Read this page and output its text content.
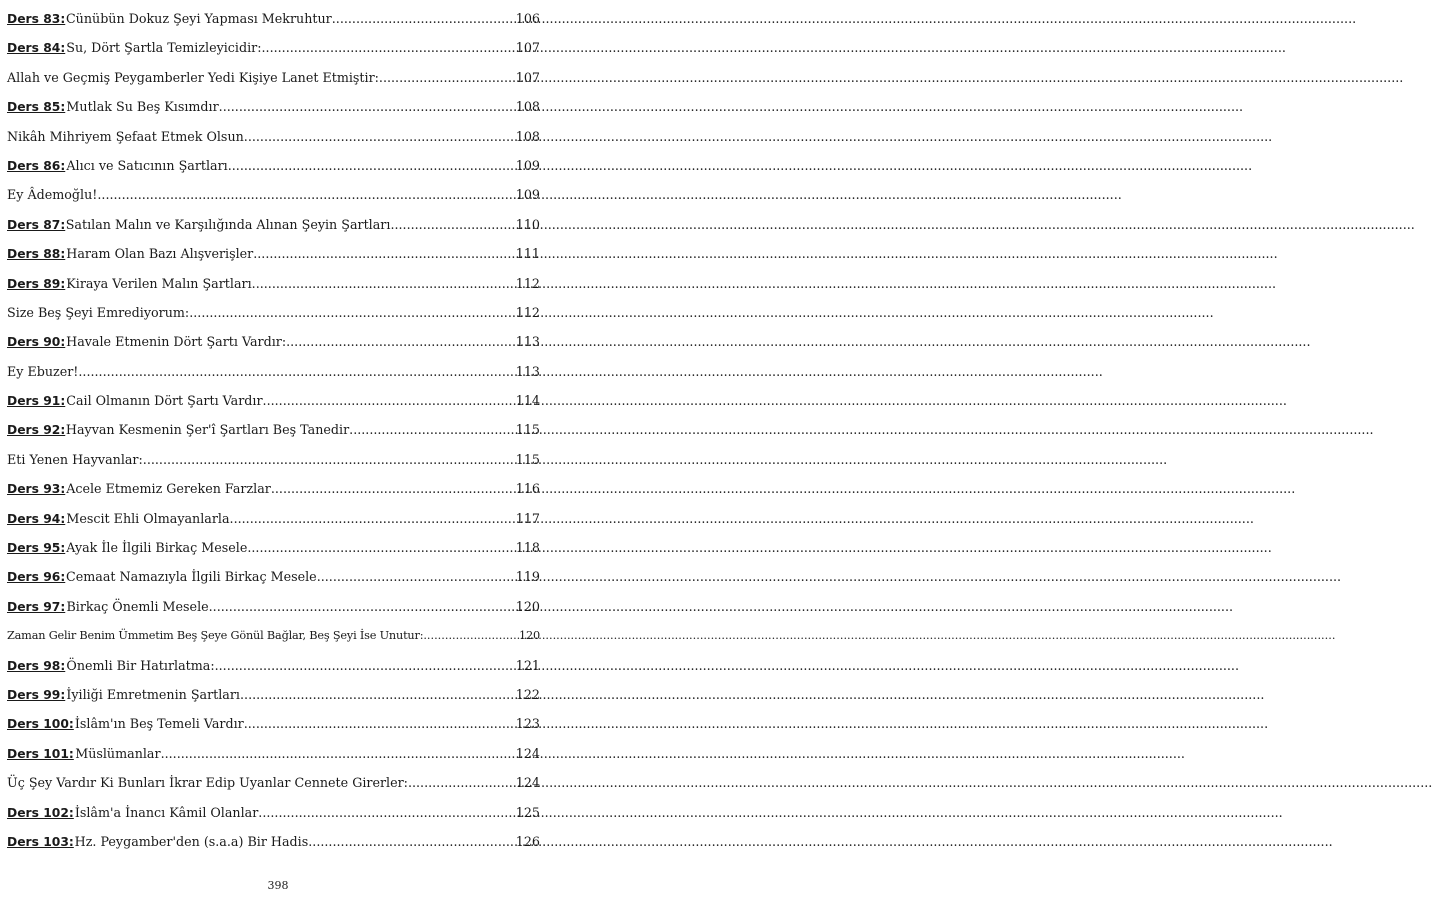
Ders 83: Cünübün Dokuz Şeyi Yapması Mekruhtur .....	106
Ders 84: Su, Dört Şartla Temizleyicidir: .....	107
Allah ve Geçmiş Peygamberler Yedi Kişiye Lanet Etmiştir: .....	107
Ders 85: Mutlak Su Beş Kısımdır .....	108
Nikâh Mihriyem Şefaat Etmek Olsun. .....	108
Ders 86: Alıcı ve Satıcının Şartları .....	109
Ey Âdemoğlu! .....	109
Ders 87: Satılan Malın ve Karşılığında Alınan Şeyin Şartları .....	110
Ders 88: Haram Olan Bazı Alışverişler .....	111
Ders 89: Kiraya Verilen Malın Şartları .....	112
Size Beş Şeyi Emrediyorum: .....	112
Ders 90: Havale Etmenin Dört Şartı Vardır: .....	113
Ey Ebuzer! .....	113
Ders 91: Cail Olmanın Dört Şartı Vardır .....	114
Ders 92: Hayvan Kesmenin Şer'î Şartları Beş Tanedir .....	115
Eti Yenen Hayvanlar: .....	115
Ders 93: Acele Etmemiz Gereken Farzlar .....	116
Ders 94: Mescit Ehli Olmayanlarla .....	117
Ders 95: Ayak İle İlgili Birkaç Mesele .....	118
Ders 96: Cemaat Namazıyla İlgili Birkaç Mesele .....	119
Ders 97: Birkaç Önemli Mesele .....	120
Zaman Gelir Benim Ümmetim Beş Şeye Gönül Bağlar, Beş Şeyi İse Unutur: .....	120
Ders 98: Önemli Bir Hatırlatma: .....	121
Ders 99: İyiliği Emretmenin Şartları .....	122
Ders 100: İslâm'ın Beş Temeli Vardır .....	123
Ders 101: Müslümanlar .....	124
Üç Şey Vardır Ki Bunları İkrar Edip Uyanlar Cennete Girerler: .....	124
Ders 102: İslâm'a İnancı Kâmil Olanlar .....	125
Ders 103: Hz. Peygamber'den (s.a.a) Bir Hadis .....	126
398
